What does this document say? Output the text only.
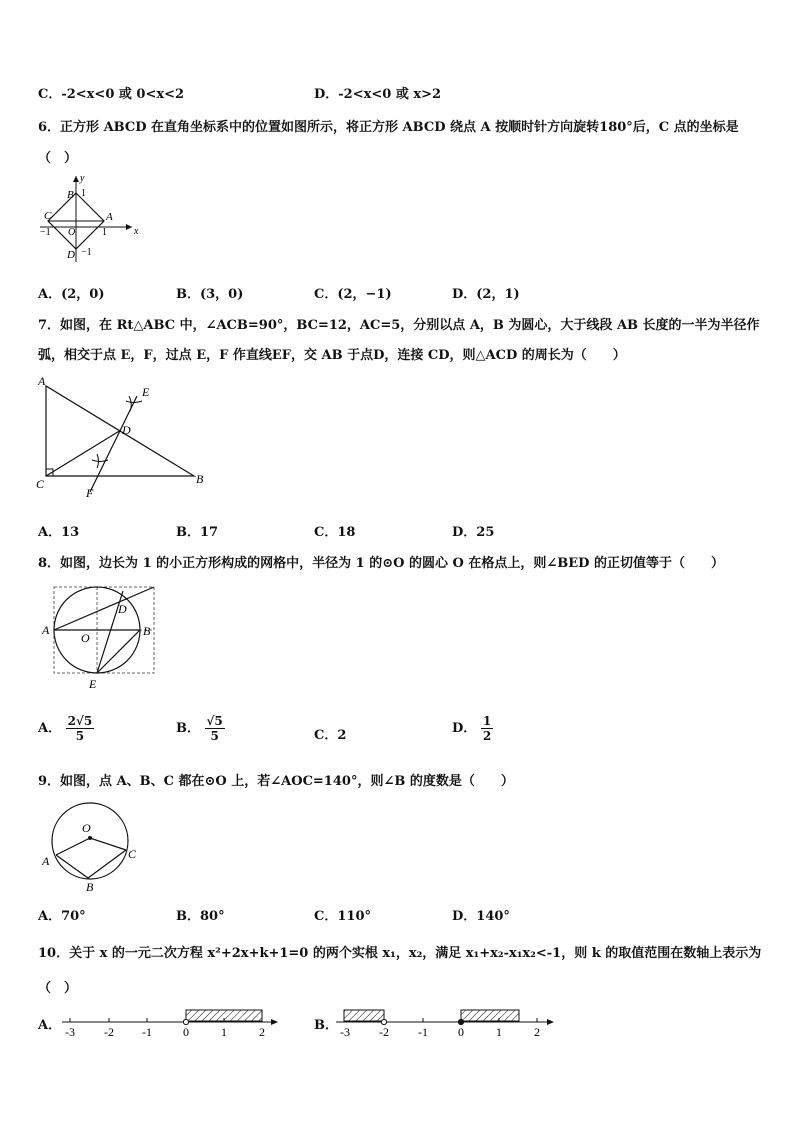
C．-2<x<0 或 0<x<2	D．-2<x<0 或 x>2
6．正方形 ABCD 在直角坐标系中的位置如图所示，将正方形 ABCD 绕点 A 按顺时针方向旋转180°后，C 点的坐标是
（　）
y
x
B 1
C	A
−1 O	1
D −1
A．(2，0)	B．(3，0)	C．(2，−1)	D．(2，1)
7．如图，在 Rt△ABC 中，∠ACB=90°，BC=12，AC=5，分别以点 A，B 为圆心，大于线段 AB 长度的一半为半径作
弧，相交于点 E，F，过点 E，F 作直线EF，交 AB 于点D，连接 CD，则△ACD 的周长为（　　）
A
C	B
D
E
F
A．13	B．17	C．18	D．25
8．如图，边长为 1 的小正方形构成的网格中，半径为 1 的⊙O 的圆心 O 在格点上，则∠BED 的正切值等于（　　）
A	B
D
O
E
A． $\frac{2√5}{5}$	B． $\frac{√5}{5}$	C．2	D． $\frac{1}{2}$
9．如图，点 A、B、C 都在⊙O 上，若∠AOC=140°，则∠B 的度数是（　　）
O
A	C
B
A．70°	B．80°	C．110°	D．140°
10．关于 x 的一元二次方程 x²+2x+k+1=0 的两个实根 x₁，x₂，满足 x₁+x₂-x₁x₂<-1，则 k 的取值范围在数轴上表示为
（　）
A． -3 -2 -1	0	1	2	B． -3 -2 -1	0	1	2
